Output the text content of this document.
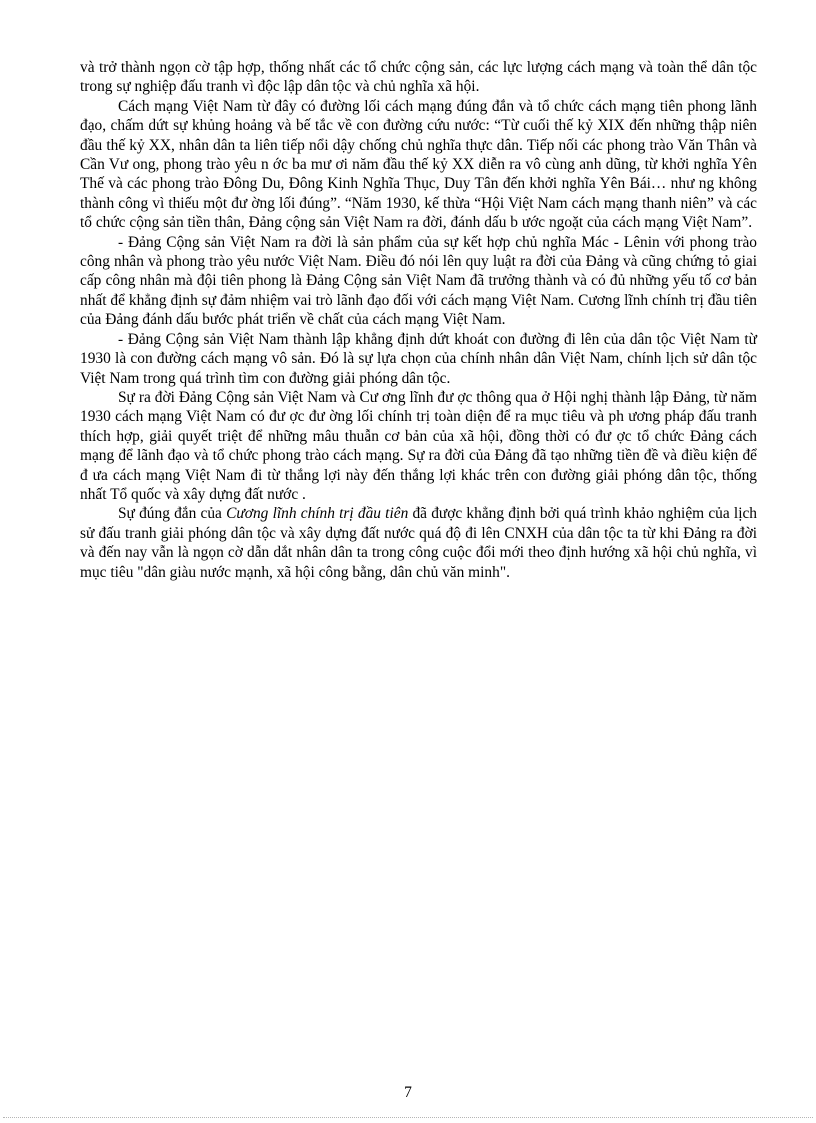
và trở thành ngọn cờ tập hợp, thống nhất các tổ chức cộng sản, các lực lượng cách mạng và toàn thể dân tộc trong sự nghiệp đấu tranh vì độc lập dân tộc và chủ nghĩa xã hội.

Cách mạng Việt Nam từ đây có đường lối cách mạng đúng đắn và tổ chức cách mạng tiên phong lãnh đạo, chấm dứt sự khủng hoảng và bế tắc về con đường cứu nước: “Từ cuối thế kỷ XIX đến những thập niên đầu thế kỷ XX, nhân dân ta liên tiếp nổi dậy chống chủ nghĩa thực dân. Tiếp nối các phong trào Văn Thân và Cần Vư ong, phong trào yêu n ớc ba mư ơi năm đầu thế kỷ XX diễn ra vô cùng anh dũng, từ khởi nghĩa Yên Thế và các phong trào Đông Du, Đông Kinh Nghĩa Thục, Duy Tân đến khởi nghĩa Yên Bái… như ng không thành công vì thiếu một đư ờng lối đúng”. “Năm 1930, kế thừa “Hội Việt Nam cách mạng thanh niên” và các tổ chức cộng sản tiền thân, Đảng cộng sản Việt Nam ra đời, đánh dấu b ước ngoặt của cách mạng Việt Nam”.

- Đảng Cộng sản Việt Nam ra đời là sản phẩm của sự kết hợp chủ nghĩa Mác - Lênin với phong trào công nhân và phong trào yêu nước Việt Nam. Điều đó nói lên quy luật ra đời của Đảng và cũng chứng tỏ giai cấp công nhân mà đội tiên phong là Đảng Cộng sản Việt Nam đã trưởng thành và có đủ những yếu tố cơ bản nhất để khẳng định sự đảm nhiệm vai trò lãnh đạo đối với cách mạng Việt Nam. Cương lĩnh chính trị đầu tiên của Đảng đánh dấu bước phát triển về chất của cách mạng Việt Nam.

- Đảng Cộng sản Việt Nam thành lập khẳng định dứt khoát con đường đi lên của dân tộc Việt Nam từ 1930 là con đường cách mạng vô sản. Đó là sự lựa chọn của chính nhân dân Việt Nam, chính lịch sử dân tộc Việt Nam trong quá trình tìm con đường giải phóng dân tộc.

Sự ra đời Đảng Cộng sản Việt Nam và Cư ơng lĩnh đư ợc thông qua ở Hội nghị thành lập Đảng, từ năm 1930 cách mạng Việt Nam có đư ợc đư ờng lối chính trị toàn diện để ra mục tiêu và ph ương pháp đấu tranh thích hợp, giải quyết triệt để những mâu thuẫn cơ bản của xã hội, đồng thời có đư ợc tổ chức Đảng cách mạng để lãnh đạo và tổ chức phong trào cách mạng. Sự ra đời của Đảng đã tạo những tiền đề và điều kiện để đ ưa cách mạng Việt Nam đi từ thắng lợi này đến thắng lợi khác trên con đường giải phóng dân tộc, thống nhất Tổ quốc và xây dựng đất nước .

Sự đúng đắn của Cương lĩnh chính trị đầu tiên đã được khẳng định bởi quá trình khảo nghiệm của lịch sử đấu tranh giải phóng dân tộc và xây dựng đất nước quá độ đi lên CNXH của dân tộc ta từ khi Đảng ra đời và đến nay vẫn là ngọn cờ dẫn dắt nhân dân ta trong công cuộc đổi mới theo định hướng xã hội chủ nghĩa, vì mục tiêu "dân giàu nước mạnh, xã hội công bằng, dân chủ văn minh".

7
